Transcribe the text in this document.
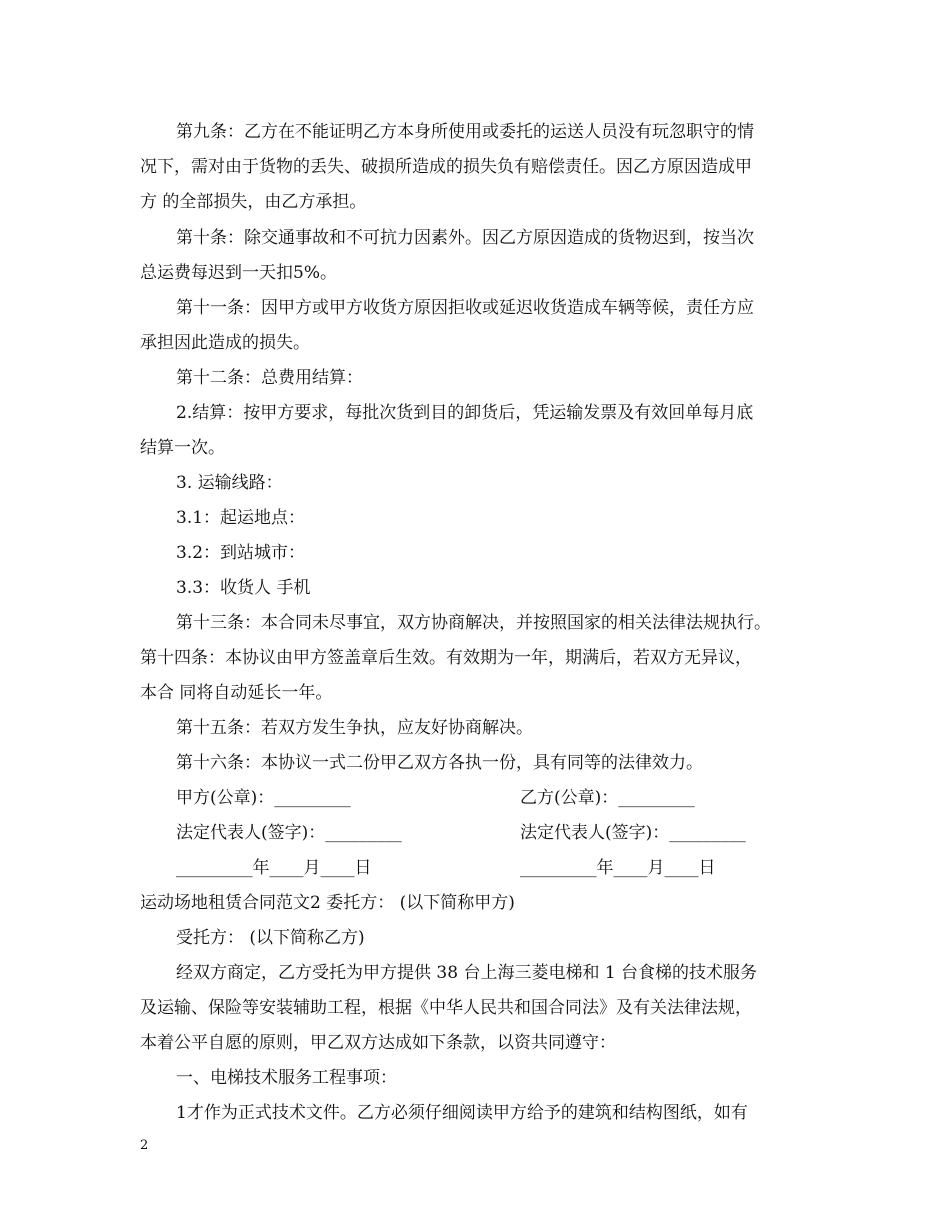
第九条：乙方在不能证明乙方本身所使用或委托的运送人员没有玩忽职守的情
况下，需对由于货物的丢失、破损所造成的损失负有赔偿责任。因乙方原因造成甲
方 的全部损失，由乙方承担。
第十条：除交通事故和不可抗力因素外。因乙方原因造成的货物迟到，按当次
总运费每迟到一天扣5%。
第十一条：因甲方或甲方收货方原因拒收或延迟收货造成车辆等候，责任方应
承担因此造成的损失。
第十二条：总费用结算：
2.结算：按甲方要求，每批次货到目的卸货后，凭运输发票及有效回单每月底
结算一次。
3. 运输线路：
3.1：起运地点：
3.2：到站城市：
3.3：收货人 手机
第十三条：本合同未尽事宜，双方协商解决，并按照国家的相关法律法规执行。
第十四条：本协议由甲方签盖章后生效。有效期为一年，期满后，若双方无异议，
本合 同将自动延长一年。
第十五条：若双方发生争执，应友好协商解决。
第十六条：本协议一式二份甲乙双方各执一份，具有同等的法律效力。
甲方(公章)：_________	乙方(公章)：_________
法定代表人(签字)：_________	法定代表人(签字)：_________
_________年____月____日	_________年____月____日
运动场地租赁合同范文2 委托方： (以下简称甲方)
受托方： (以下简称乙方)
经双方商定，乙方受托为甲方提供 38 台上海三菱电梯和 1 台食梯的技术服务
及运输、保险等安装辅助工程，根据《中华人民共和国合同法》及有关法律法规，
本着公平自愿的原则，甲乙双方达成如下条款，以资共同遵守：
一、电梯技术服务工程事项：
1才作为正式技术文件。乙方必须仔细阅读甲方给予的建筑和结构图纸，如有
2
